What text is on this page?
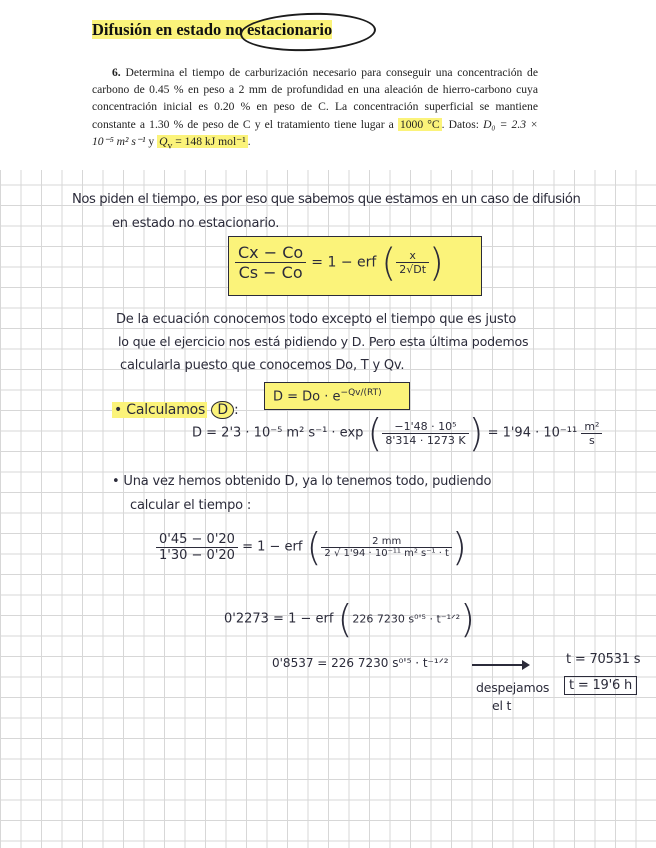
Difusión en estado no estacionario
6. Determina el tiempo de carburización necesario para conseguir una concentración de carbono de 0.45 % en peso a 2 mm de profundidad en una aleación de hierro-carbono cuya concentración inicial es 0.20 % en peso de C. La concentración superficial se mantiene constante a 1.30 % de peso de C y el tratamiento tiene lugar a 1000 °C . Datos: D₀ = 2.3 × 10⁻⁵ m² s⁻¹ y $Q_v = 148$ kJ mol⁻¹ .
Nos piden el tiempo, es por eso que sabemos que estamos en un caso de difusión
en estado no estacionario.
$\frac{Cx - Co}{Cs - Co} = 1$ − erf ( $\frac{x}{2√Dt}$ )
De la ecuación conocemos todo excepto el tiempo que es justo
lo que el ejercicio nos está pidiendo y D. Pero esta última podemos
calcularla puesto que conocemos Do, T y Qv.
• Calculamos D :
$D = Do \cdot e^{-Qv/(RT)}$
D = 2'3 · 10⁻⁵ m² s⁻¹ · exp ( $\frac{\text{−1'48 · 10⁵}}{8'314 \cdot 1273 K}$ ) = $1'94 \cdot 10^{-11} \frac{\text{m²}}{s}$
• Una vez hemos obtenido D, ya lo tenemos todo, pudiendo
calcular el tiempo :
$\frac{0'45 - 0'20}{1'30 - 0'20} = 1$ − erf ( $\frac{2 mm}{\text{2 √ 1'94 · 10⁻¹¹ m² s⁻¹ · t}}$ )
0'2273 = 1 − erf (226 7230 s⁰'⁵ · t⁻¹ᐟ²)
0'8537 = 226 7230 s⁰'⁵ · t⁻¹ᐟ²
despejamos
el t
t = 70531 s
t = 19'6 h
